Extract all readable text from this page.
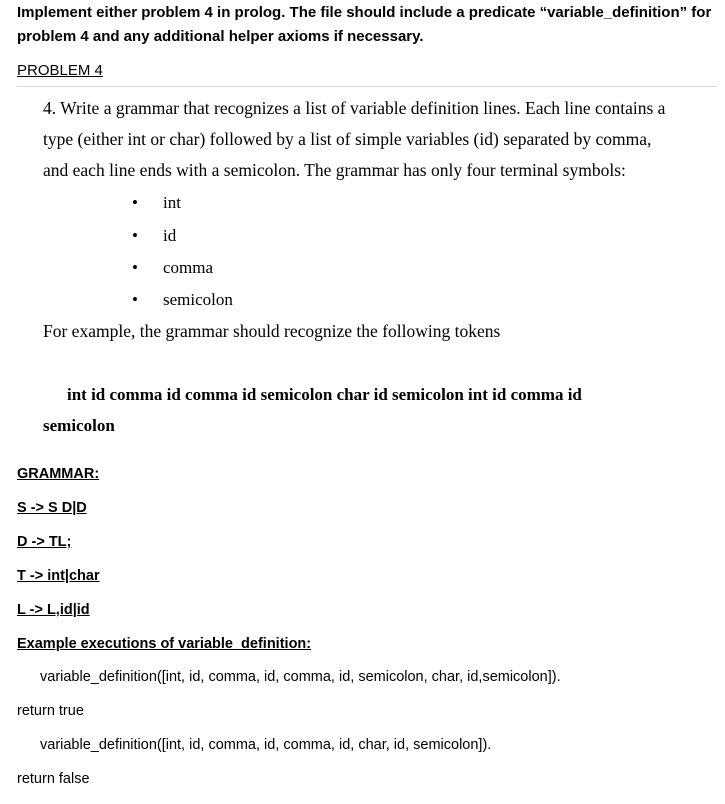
Implement either problem 4 in prolog. The file should include a predicate “variable_definition” for
problem 4 and any additional helper axioms if necessary.
PROBLEM 4
4. Write a grammar that recognizes a list of variable definition lines. Each line contains a
type (either int or char) followed by a list of simple variables (id) separated by comma,
and each line ends with a semicolon. The grammar has only four terminal symbols:
• int
• id
• comma
• semicolon
For example, the grammar should recognize the following tokens
int id comma id comma id semicolon char id semicolon int id comma id
semicolon
GRAMMAR:
S -> S D|D
D -> TL;
T -> int|char
L -> L,id|id
Example executions of variable_definition:
variable_definition([int, id, comma, id, comma, id, semicolon, char, id,semicolon]).
return true
variable_definition([int, id, comma, id, comma, id, char, id, semicolon]).
return false
